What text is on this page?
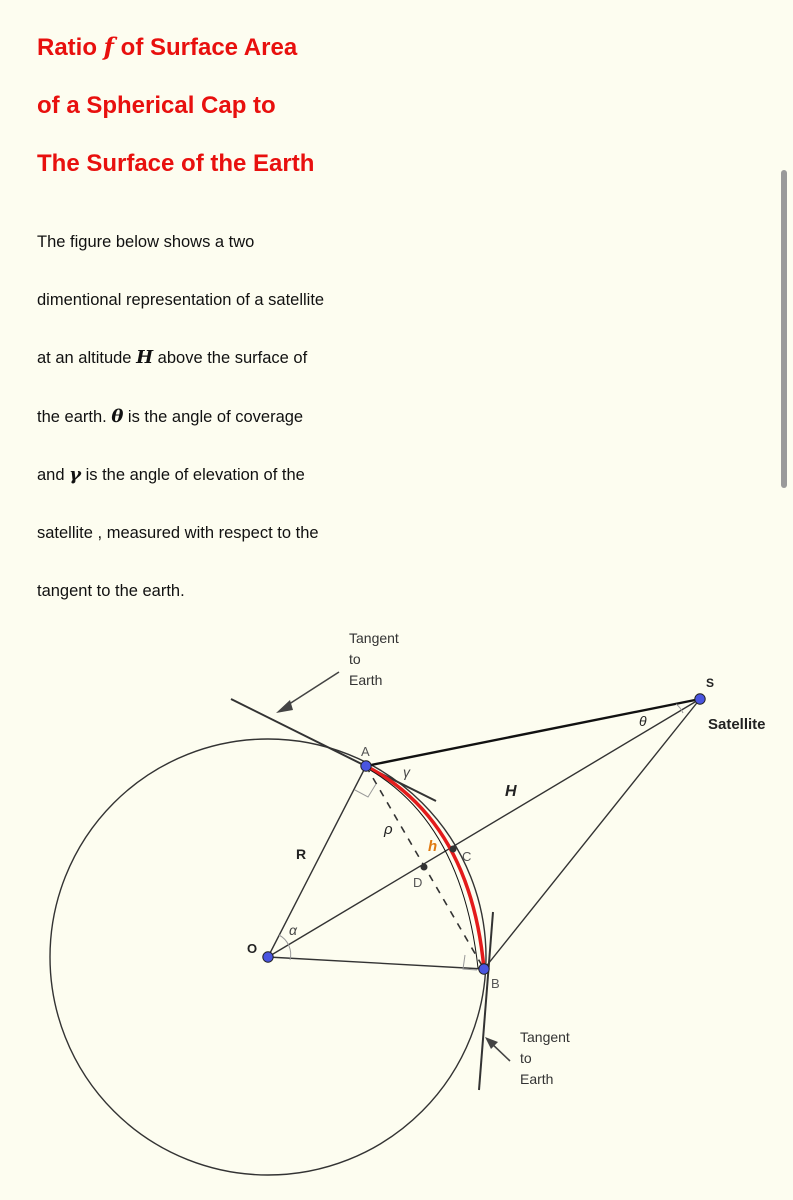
Ratio f of Surface Area
of a Spherical Cap to
The Surface of the Earth

The figure below shows a two
dimentional representation of a satellite
at an altitude H above the surface of
the earth. θ is the angle of coverage
and γ is the angle of elevation of the
satellite , measured with respect to the
tangent to the earth.

Tangent
to
Earth	S
Satellite
θ
A
γ
H
ρ
h
C
D
R
α
O
B
Tangent
to
Earth
